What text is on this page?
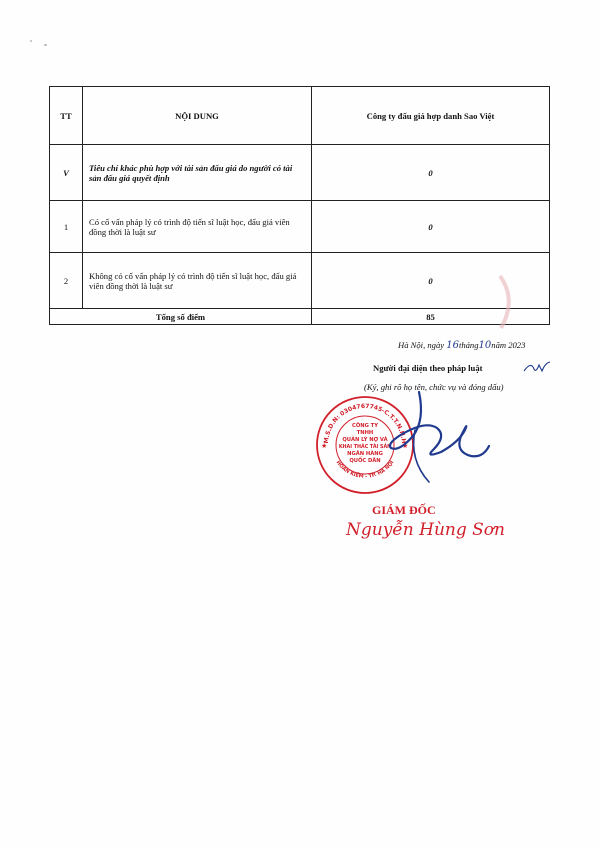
TT	NỘI DUNG	Công ty đấu giá hợp danh Sao Việt
V	Tiêu chí khác phù hợp với tài sản đấu giá do người có tài sản đấu giá quyết định	0
1	Có cố vấn pháp lý có trình độ tiến sĩ luật học, đấu giá viên đồng thời là luật sư	0
2	Không có cố vấn pháp lý có trình độ tiến sĩ luật học, đấu giá viên đồng thời là luật sư	0
Tổng số điểm		85
Hà Nội, ngày 16tháng10năm 2023
Người đại diện theo pháp luật
(Ký, ghi rõ họ tên, chức vụ và đóng dấu)
M.S.D.N: 0304767745-C.T.T.N.H.H
HOÀN KIẾM - TP. HÀ NỘI
CÔNG TY
TNHH
QUẢN LÝ NỢ VÀ
KHAI THÁC TÀI SẢN
NGÂN HÀNG
QUỐC DÂN
★	★
GIÁM ĐỐC
Nguyễn Hùng Sơn
